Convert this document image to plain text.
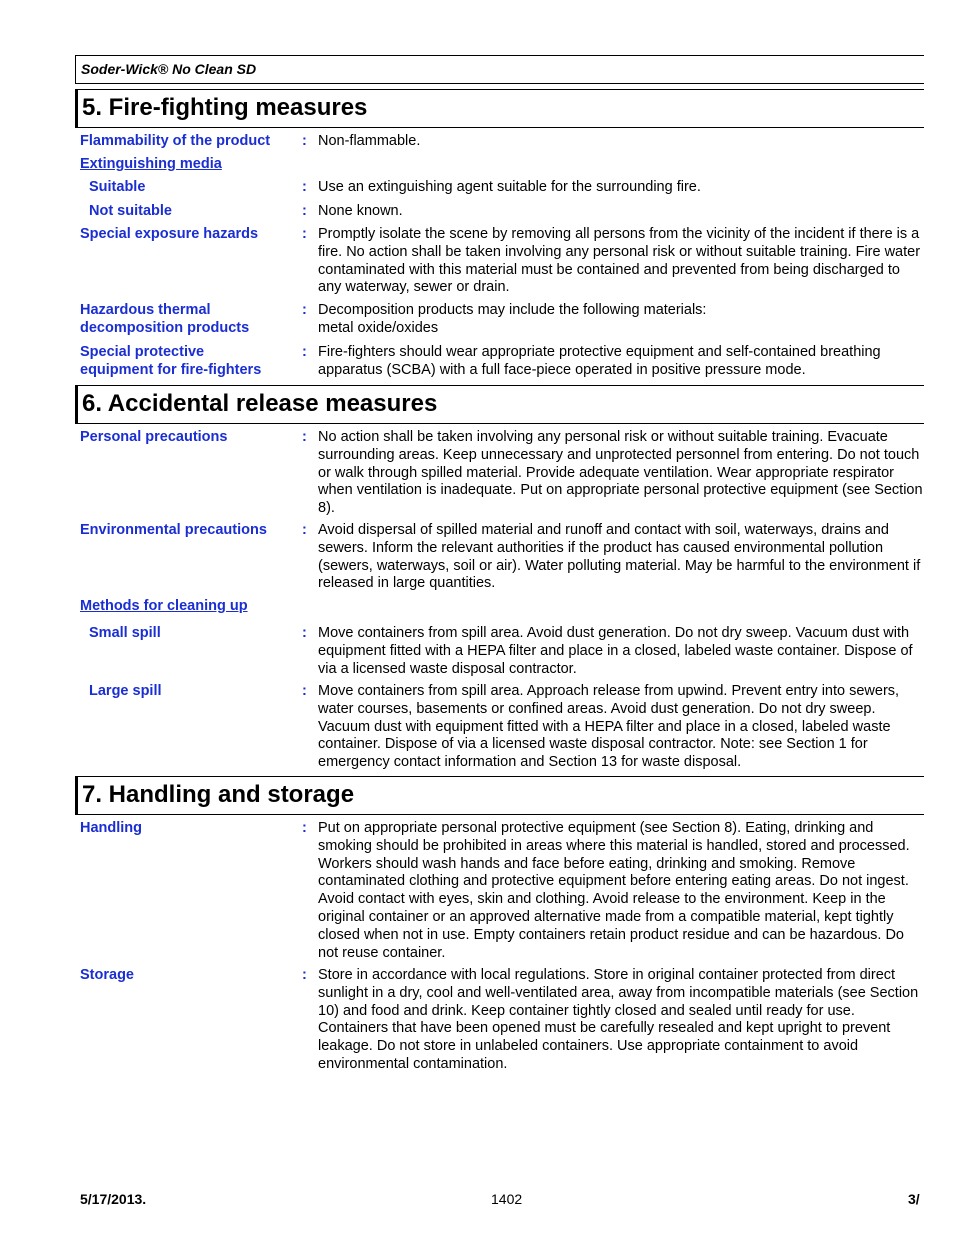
Soder-Wick® No Clean SD
5. Fire-fighting measures
Flammability of the product	: Non-flammable.
Extinguishing media
Suitable	: Use an extinguishing agent suitable for the surrounding fire.
Not suitable	: None known.
Special exposure hazards	: Promptly isolate the scene by removing all persons from the vicinity of the incident if there is a fire. No action shall be taken involving any personal risk or without suitable training. Fire water contaminated with this material must be contained and prevented from being discharged to any waterway, sewer or drain.
Hazardous thermal decomposition products
: Decomposition products may include the following materials:
metal oxide/oxides
Special protective equipment for fire-fighters
: Fire-fighters should wear appropriate protective equipment and self-contained breathing apparatus (SCBA) with a full face-piece operated in positive pressure mode.
6. Accidental release measures
Personal precautions	: No action shall be taken involving any personal risk or without suitable training. Evacuate surrounding areas. Keep unnecessary and unprotected personnel from entering. Do not touch or walk through spilled material. Provide adequate ventilation. Wear appropriate respirator when ventilation is inadequate. Put on appropriate personal protective equipment (see Section 8).
Environmental precautions	: Avoid dispersal of spilled material and runoff and contact with soil, waterways, drains and sewers. Inform the relevant authorities if the product has caused environmental pollution (sewers, waterways, soil or air). Water polluting material. May be harmful to the environment if released in large quantities.
Methods for cleaning up
Small spill	: Move containers from spill area. Avoid dust generation. Do not dry sweep. Vacuum dust with equipment fitted with a HEPA filter and place in a closed, labeled waste container. Dispose of via a licensed waste disposal contractor.
Large spill	: Move containers from spill area. Approach release from upwind. Prevent entry into sewers, water courses, basements or confined areas. Avoid dust generation. Do not dry sweep. Vacuum dust with equipment fitted with a HEPA filter and place in a closed, labeled waste container. Dispose of via a licensed waste disposal contractor. Note: see Section 1 for emergency contact information and Section 13 for waste disposal.
7. Handling and storage
Handling	: Put on appropriate personal protective equipment (see Section 8). Eating, drinking and smoking should be prohibited in areas where this material is handled, stored and processed. Workers should wash hands and face before eating, drinking and smoking. Remove contaminated clothing and protective equipment before entering eating areas. Do not ingest. Avoid contact with eyes, skin and clothing. Avoid release to the environment. Keep in the original container or an approved alternative made from a compatible material, kept tightly closed when not in use. Empty containers retain product residue and can be hazardous. Do not reuse container.
Storage	: Store in accordance with local regulations. Store in original container protected from direct sunlight in a dry, cool and well-ventilated area, away from incompatible materials (see Section 10) and food and drink. Keep container tightly closed and sealed until ready for use. Containers that have been opened must be carefully resealed and kept upright to prevent leakage. Do not store in unlabeled containers. Use appropriate containment to avoid environmental contamination.
5/17/2013.	1402	3/
